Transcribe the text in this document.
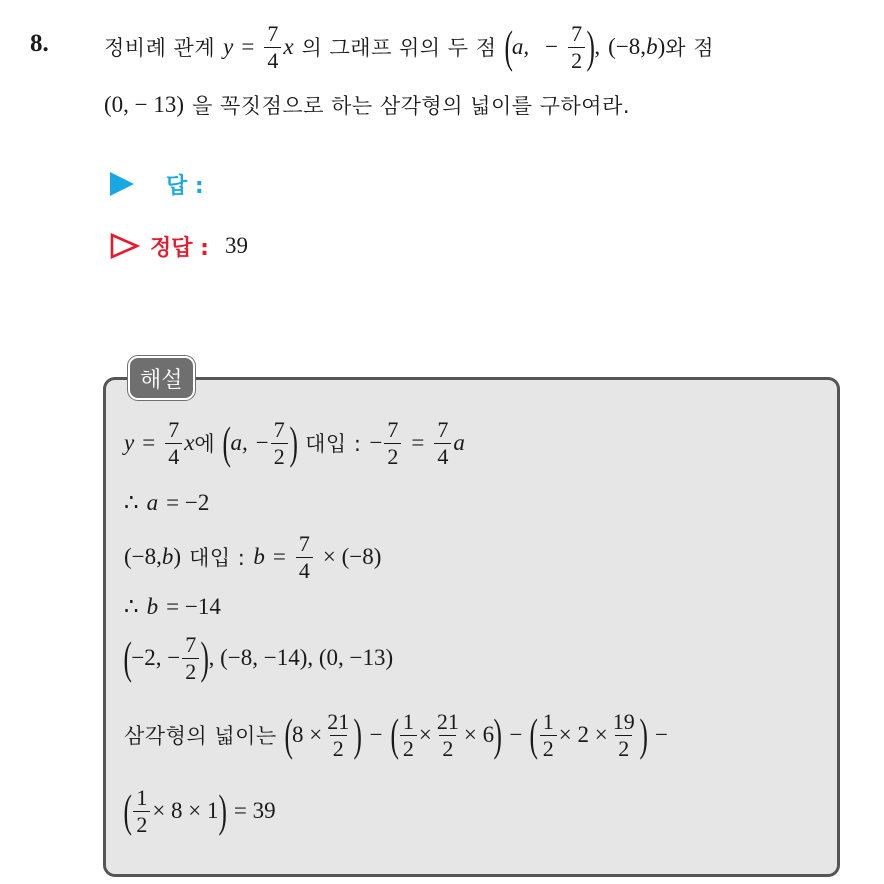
8.	정비례 관계 $y = \frac{7}{4}$ x 의 그래프 위의 두 점 ( a, − $\frac{7}{2}$ ) , (−8, b ) 와 점
(0, − 13) 을 꼭짓점으로 하는 삼각형의 넓이를 구하여라.
답 :
정답 : 39
해설
$y = \frac{7}{4}$ x 에 ( a, − $\frac{7}{2}$ ) 대입 : − $\frac{7}{2} = \frac{7}{4}$ a
∴ a = −2
(−8, b ) 대입 : $b = \frac{7}{4} \times (-8)$
∴ b = −14
( −2, − $\frac{7}{2}$ ) , (−8, −14), (0, −13)
삼각형의 넓이는 ( $8 \times \frac{21}{2}$ ) − ( $\frac{1}{2} \times \frac{21}{2} \times 6$ ) − ( $\frac{1}{2} \times 2 \times \frac{19}{2}$ ) −
( $\frac{1}{2} \times 8 \times 1$ ) = 39
